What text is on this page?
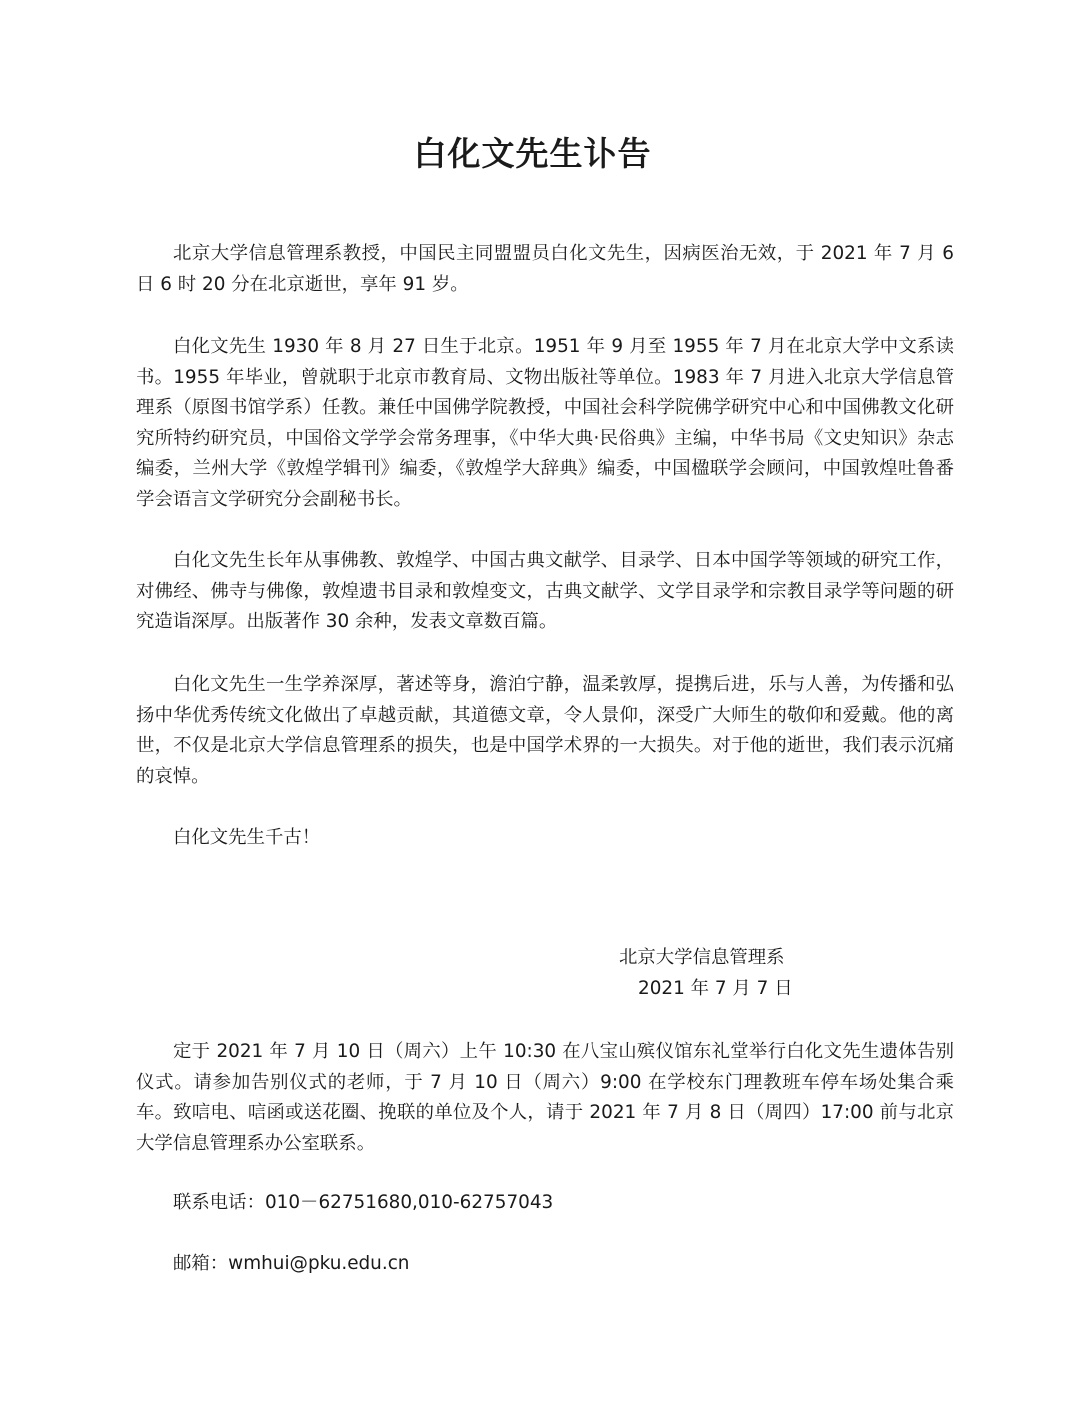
白化文先生讣告

北京大学信息管理系教授，中国民主同盟盟员白化文先生，因病医治无效，于 2021 年 7 月 6 日 6 时 20 分在北京逝世，享年 91 岁。

白化文先生 1930 年 8 月 27 日生于北京。1951 年 9 月至 1955 年 7 月在北京大学中文系读书。1955 年毕业，曾就职于北京市教育局、文物出版社等单位。1983 年 7 月进入北京大学信息管理系（原图书馆学系）任教。兼任中国佛学院教授，中国社会科学院佛学研究中心和中国佛教文化研究所特约研究员，中国俗文学学会常务理事，《中华大典·民俗典》主编，中华书局《文史知识》杂志编委，兰州大学《敦煌学辑刊》编委，《敦煌学大辞典》编委，中国楹联学会顾问，中国敦煌吐鲁番学会语言文学研究分会副秘书长。

白化文先生长年从事佛教、敦煌学、中国古典文献学、目录学、日本中国学等领域的研究工作，对佛经、佛寺与佛像，敦煌遗书目录和敦煌变文，古典文献学、文学目录学和宗教目录学等问题的研究造诣深厚。出版著作 30 余种，发表文章数百篇。

白化文先生一生学养深厚，著述等身，澹泊宁静，温柔敦厚，提携后进，乐与人善，为传播和弘扬中华优秀传统文化做出了卓越贡献，其道德文章，令人景仰，深受广大师生的敬仰和爱戴。他的离世，不仅是北京大学信息管理系的损失，也是中国学术界的一大损失。对于他的逝世，我们表示沉痛的哀悼。

白化文先生千古！

北京大学信息管理系

2021 年 7 月 7 日

定于 2021 年 7 月 10 日（周六）上午 10:30 在八宝山殡仪馆东礼堂举行白化文先生遗体告别仪式。请参加告别仪式的老师，于 7 月 10 日（周六）9:00 在学校东门理教班车停车场处集合乘车。致唁电、唁函或送花圈、挽联的单位及个人，请于 2021 年 7 月 8 日（周四）17:00 前与北京大学信息管理系办公室联系。

联系电话：010－62751680,010-62757043

邮箱：wmhui@pku.edu.cn
